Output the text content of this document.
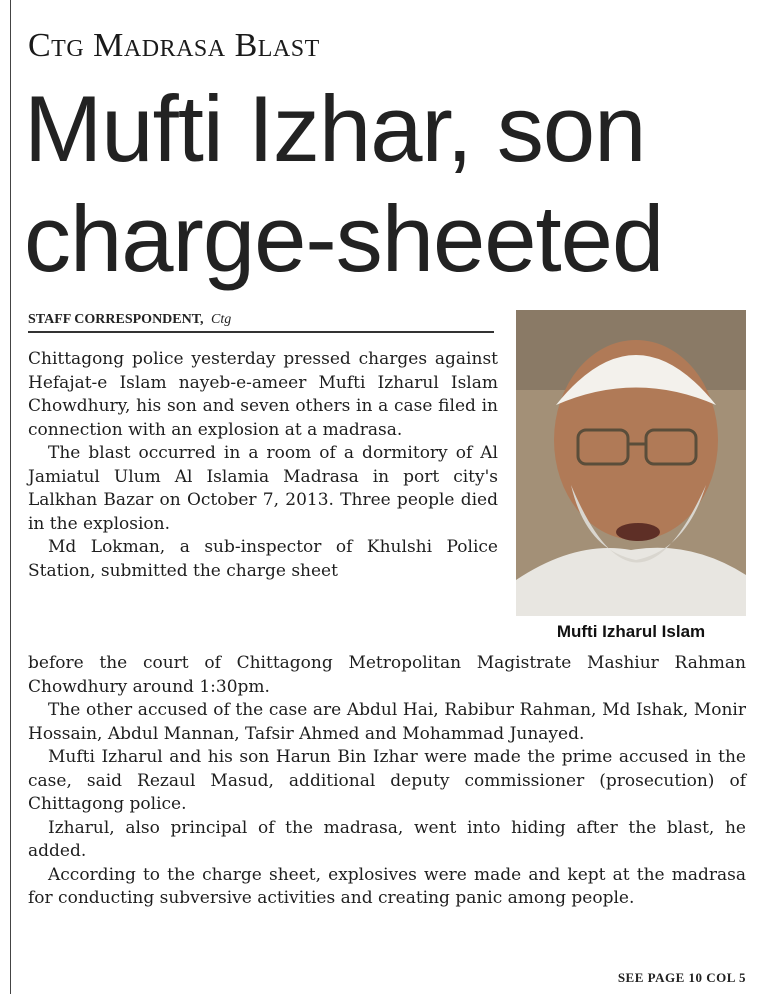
Ctg Madrasa Blast
Mufti Izhar, son charge-sheeted
STAFF CORRESPONDENT, Ctg
Mufti Izharul Islam

Chittagong police yesterday pressed charges against Hefajat-e Islam nayeb-e-ameer Mufti Izharul Islam Chowdhury, his son and seven others in a case filed in connection with an explosion at a madrasa.

The blast occurred in a room of a dormitory of Al Jamiatul Ulum Al Islamia Madrasa in port city's Lalkhan Bazar on October 7, 2013. Three people died in the explosion.

Md Lokman, a sub-inspector of Khulshi Police Station, submitted the charge sheet

before the court of Chittagong Metropolitan Magistrate Mashiur Rahman Chowdhury around 1:30pm.

The other accused of the case are Abdul Hai, Rabibur Rahman, Md Ishak, Monir Hossain, Abdul Mannan, Tafsir Ahmed and Mohammad Junayed.

Mufti Izharul and his son Harun Bin Izhar were made the prime accused in the case, said Rezaul Masud, additional deputy commissioner (prosecution) of Chittagong police.

Izharul, also principal of the madrasa, went into hiding after the blast, he added.

According to the charge sheet, explosives were made and kept at the madrasa for conducting subversive activities and creating panic among people.

SEE PAGE 10 COL 5
